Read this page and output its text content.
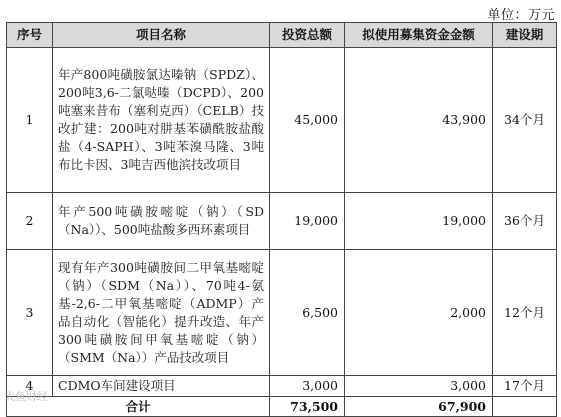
单位：万元
序号	项目名称	投资总额	拟使用募集资金金额	建设期
1	年产800吨磺胺氯达嗪钠（SPDZ）、200吨3,6-二氯哒嗪（DCPD）、200吨塞来昔布（塞利克西）（CELB）技改扩建：200吨对肼基苯磺酰胺盐酸盐（4-SAPH）、3吨苯溴马隆、3吨布比卡因、3吨吉西他滨技改项目	45,000	43,900	34个月
2	年产500吨磺胺嘧啶（钠）（SD（Na））、500吨盐酸多西环素项目	19,000	19,000	36个月
3	现有年产300吨磺胺间二甲氧基嘧啶（钠）（SDM（Na））、70吨4-氨基-2,6-二甲氧基嘧啶（ADMP）产品自动化（智能化）提升改造、年产300吨磺胺间甲氧基嘧啶（钠）（SMM（Na））产品技改项目	6,500	2,000	12个月
4	CDMO车间建设项目	3,000	3,000	17个月
合计		73,500	67,900	
大鱼财经
